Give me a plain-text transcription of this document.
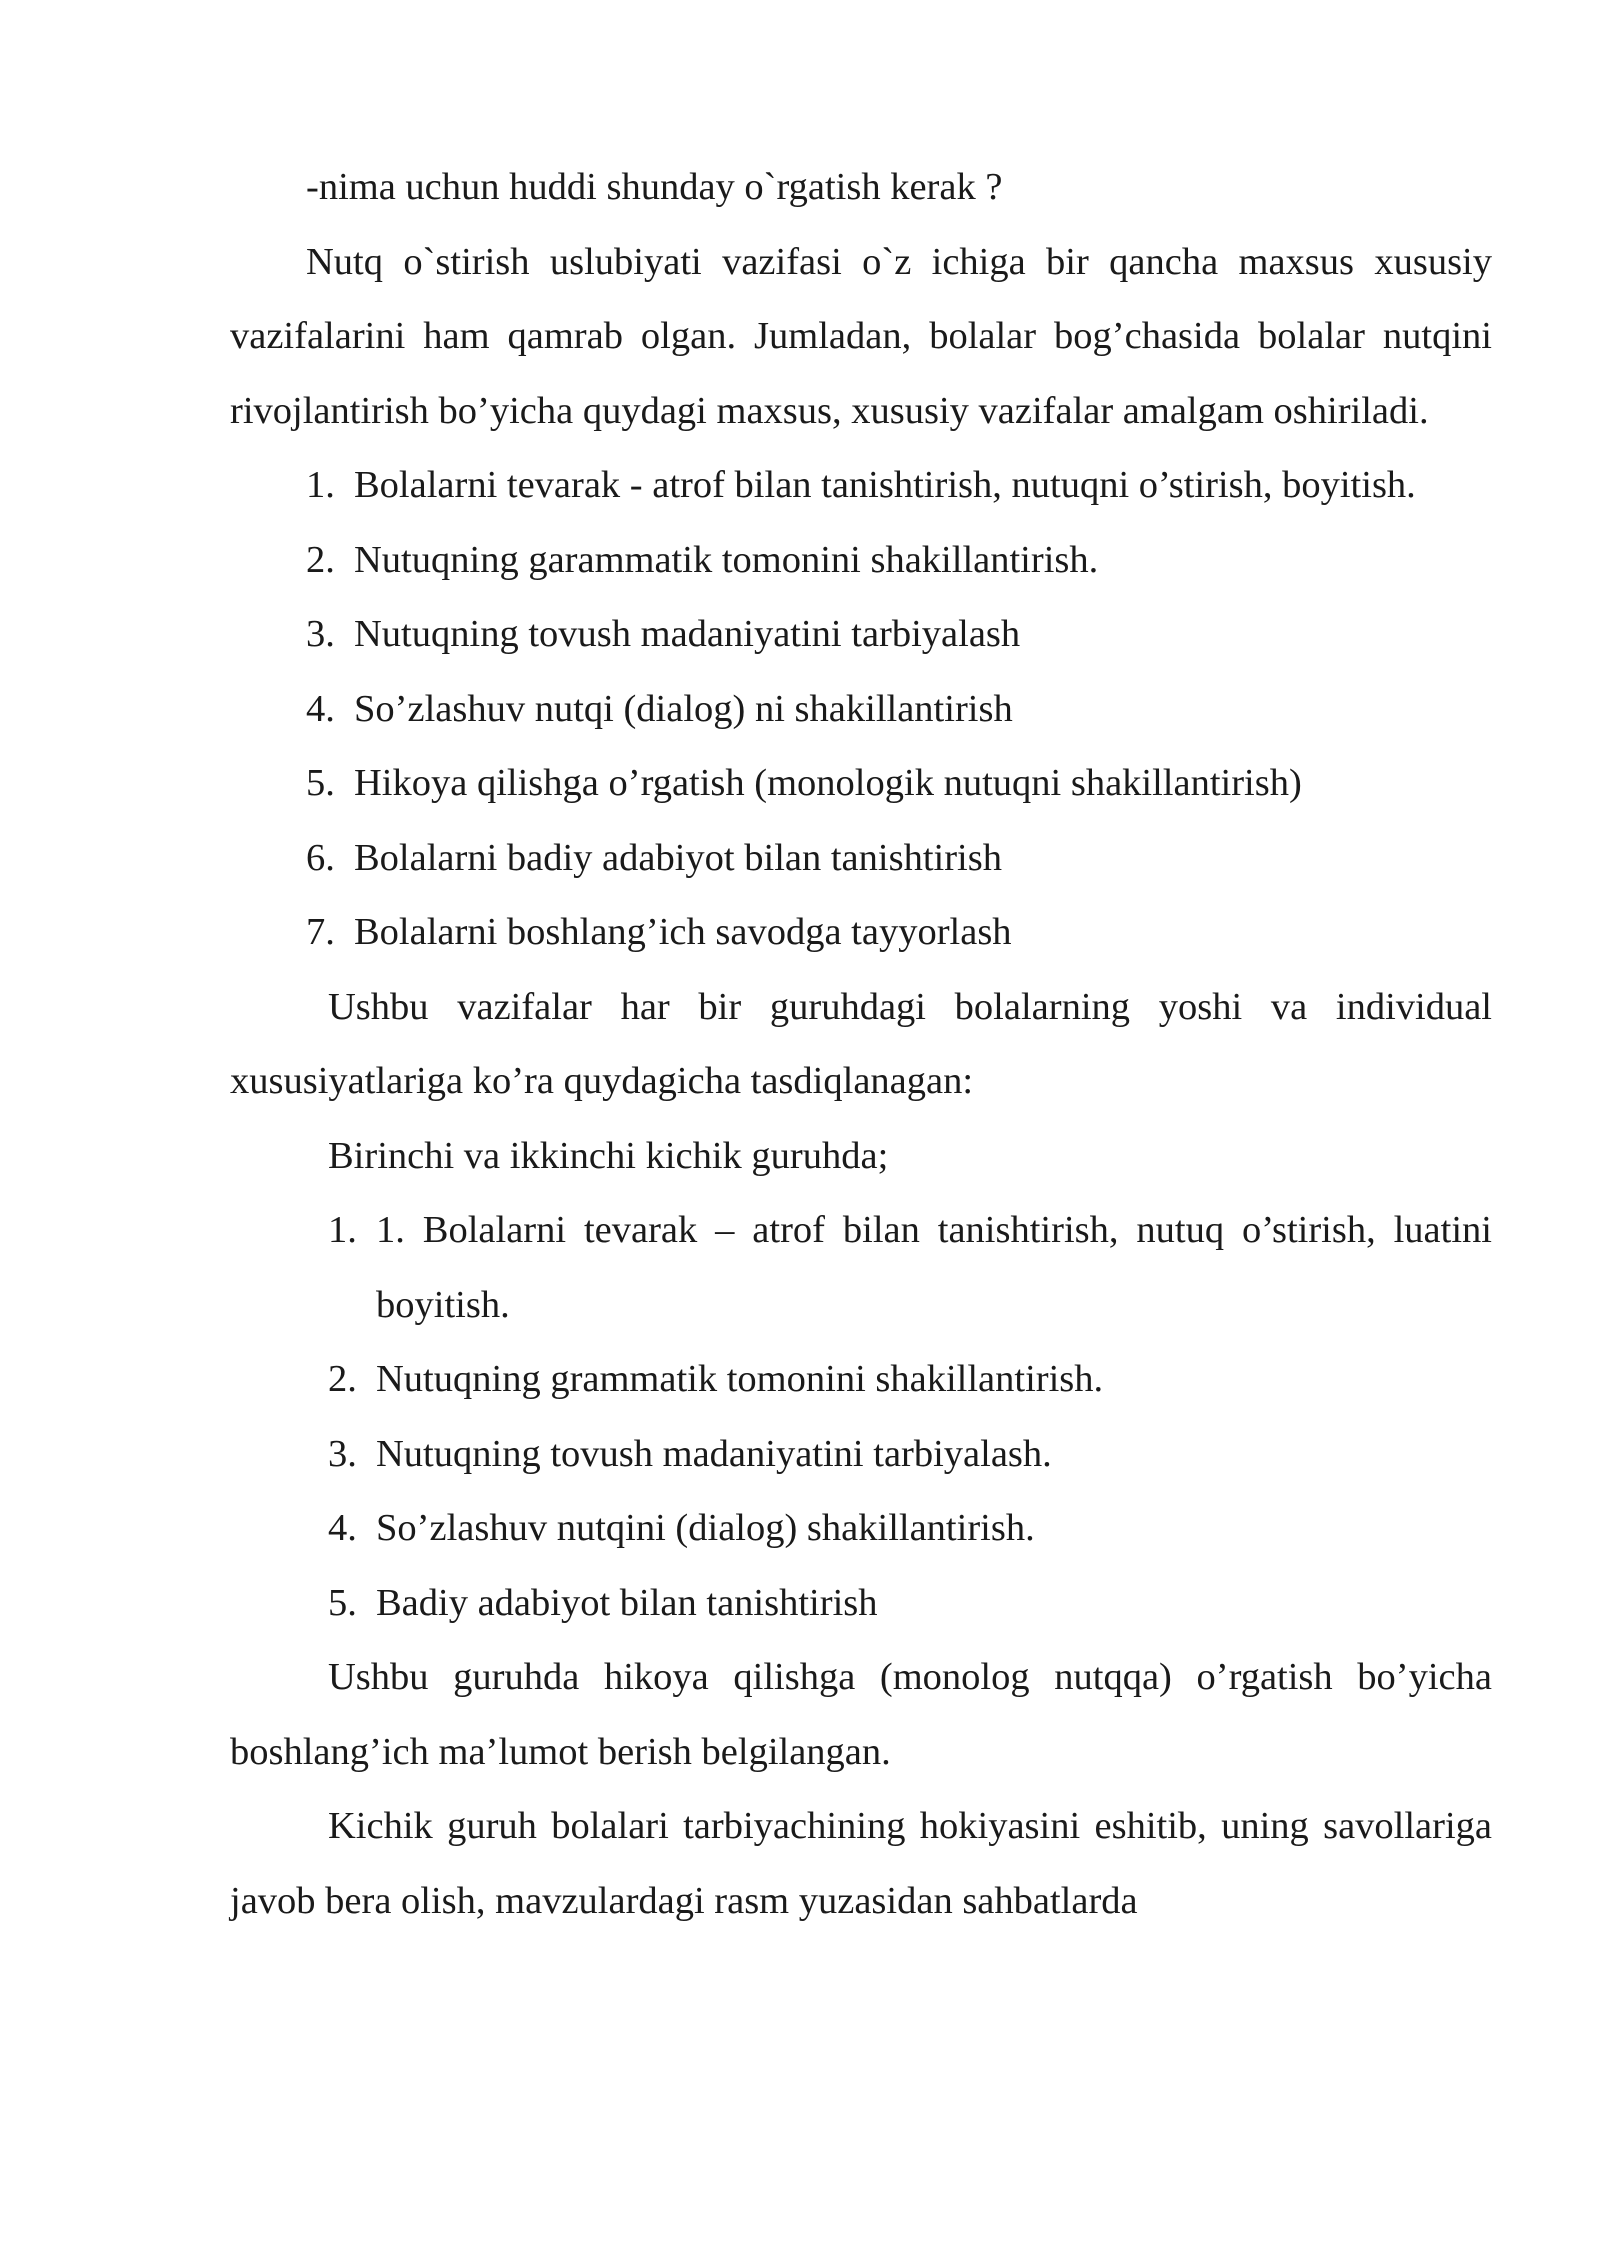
-nima uchun huddi shunday o`rgatish kerak ?

Nutq o`stirish uslubiyati vazifasi o`z ichiga bir qancha maxsus xususiy vazifalarini ham qamrab olgan. Jumladan, bolalar bog’chasida bolalar nutqini rivojlantirish bo’yicha quydagi maxsus, xususiy vazifalar amalgam oshiriladi.

1. Bolalarni tevarak - atrof bilan tanishtirish, nutuqni o’stirish, boyitish.
2. Nutuqning garammatik tomonini shakillantirish.
3. Nutuqning tovush madaniyatini tarbiyalash
4. So’zlashuv nutqi (dialog) ni shakillantirish
5. Hikoya qilishga o’rgatish (monologik nutuqni shakillantirish)
6. Bolalarni badiy adabiyot bilan tanishtirish
7. Bolalarni boshlang’ich savodga tayyorlash

Ushbu vazifalar har bir guruhdagi bolalarning yoshi va individual xususiyatlariga ko’ra quydagicha tasdiqlanagan:

Birinchi va ikkinchi kichik guruhda;

1. 1. Bolalarni tevarak – atrof bilan tanishtirish, nutuq o’stirish, luatini boyitish.
2. Nutuqning grammatik tomonini shakillantirish.
3. Nutuqning tovush madaniyatini tarbiyalash.
4. So’zlashuv nutqini (dialog) shakillantirish.
5. Badiy adabiyot bilan tanishtirish

Ushbu guruhda hikoya qilishga (monolog nutqqa) o’rgatish bo’yicha boshlang’ich ma’lumot berish belgilangan.

Kichik guruh bolalari tarbiyachining hokiyasini eshitib, uning savollariga javob bera olish, mavzulardagi rasm yuzasidan sahbatlarda
